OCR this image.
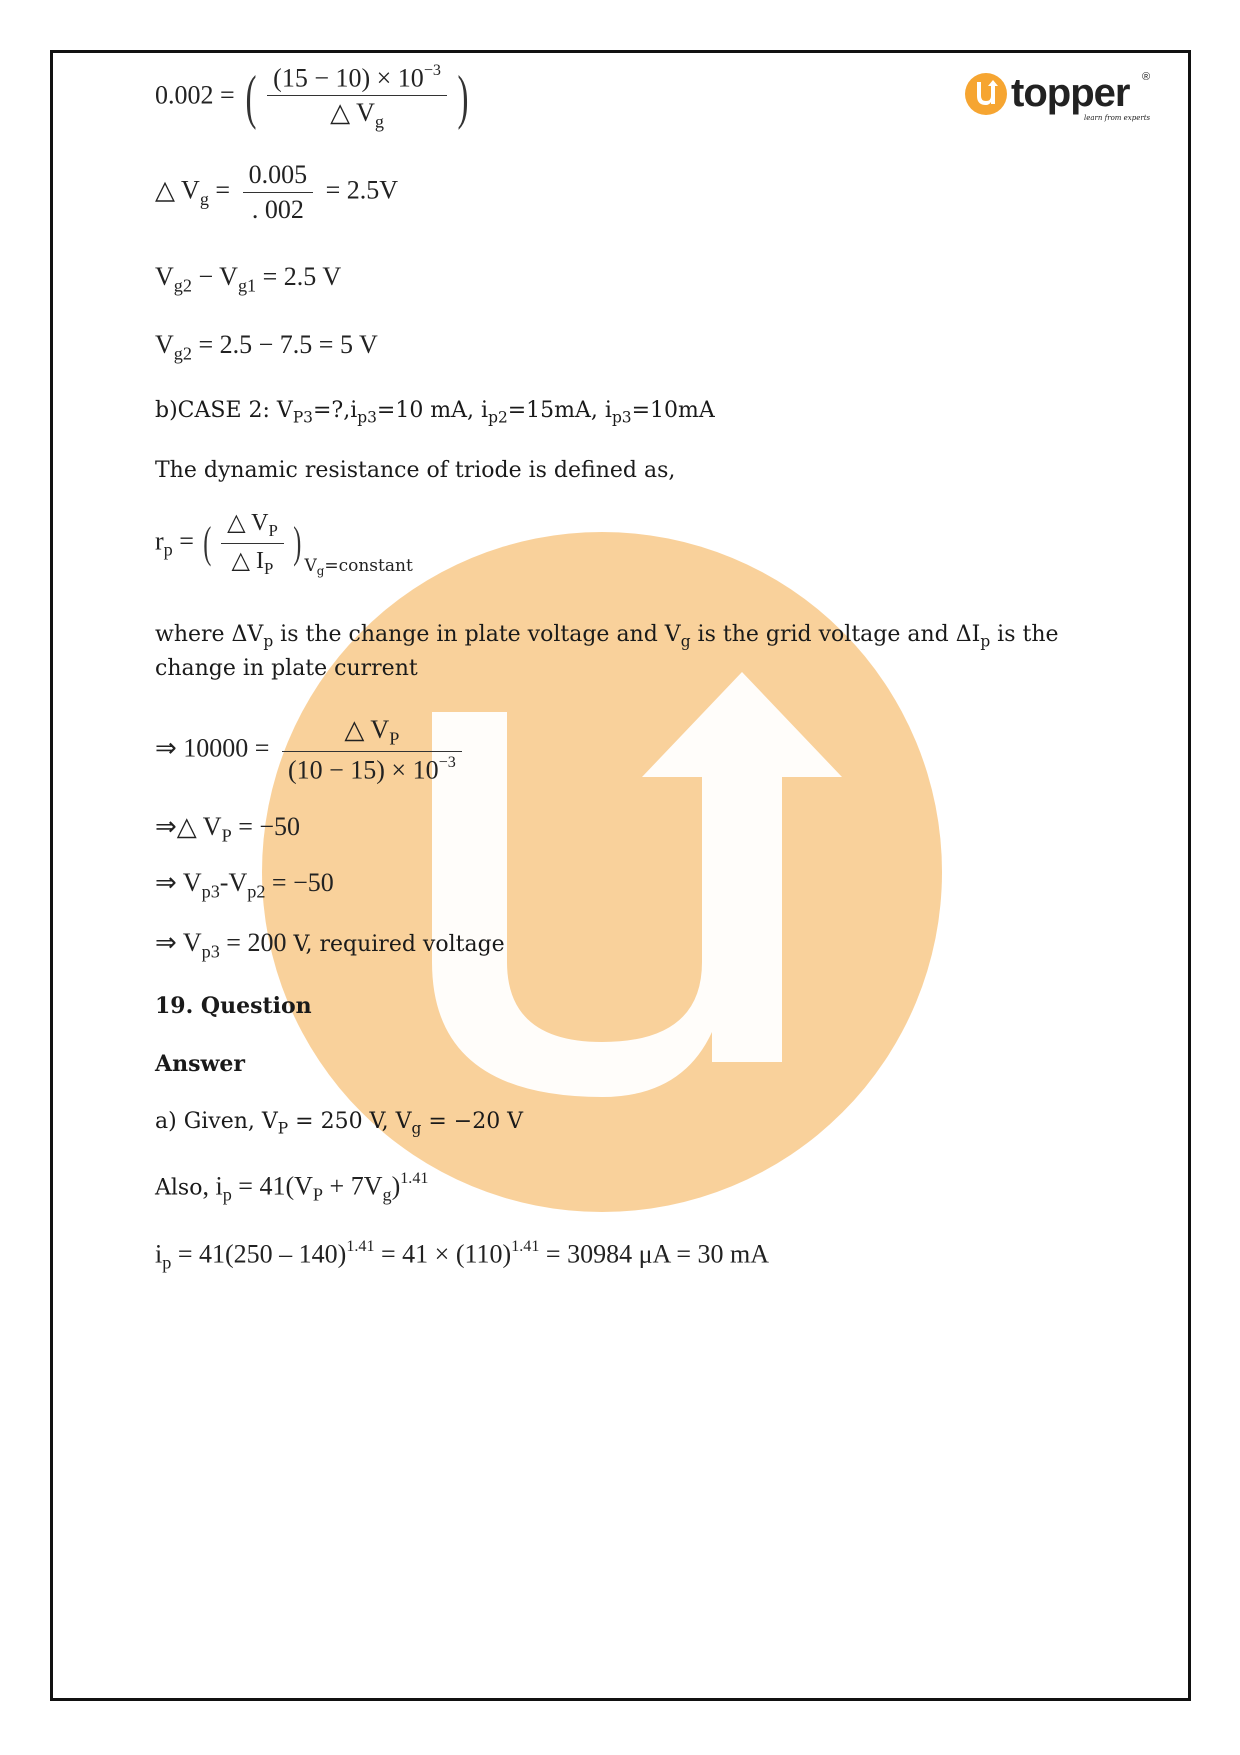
topper ®
learn from experts
0.002 = ( $\frac{(15 - 10) \times 10^{-3}}{\triangle V_g}$ )
△ $V_g = \frac{0.005}{. 002} = 2.5V$
$V_{g2} - V_{g1} = 2.5$ V
$V_{g2} = 2.5 - 7.5 = 5$ V
b)CASE 2: $V_{P3}=?,i_{p3}=10$ mA, $i_{p2}=15mA$, $i_{p3}=10mA$
The dynamic resistance of triode is defined as,
$r_p$ = ( $\frac{\triangle V_P}{\triangle I_P}$ ) $_{V_g=constant}$
where $\Delta V_p$ is the change in plate voltage and $V_g$ is the grid voltage and $\Delta I_p$ is the
change in plate current
⇒ $10000 = \frac{\triangle V_P}{(10 - 15) \times 10^{-3}}$
⇒△ $V_P = -50$
⇒ $V_{p3}-V_{p2} = -50$
⇒ $V_{p3} = 200$ V, required voltage
19. Question
Answer
a) Given, $V_P = 250$ V, $V_g = -20$ V
Also, $i_p = 41(V_P + 7V_g)^{1.41}$
$i_p = 41(250 - 140)^{1.41} = 41 \times (110)^{1.41} = 30984$ μA = 30 mA
